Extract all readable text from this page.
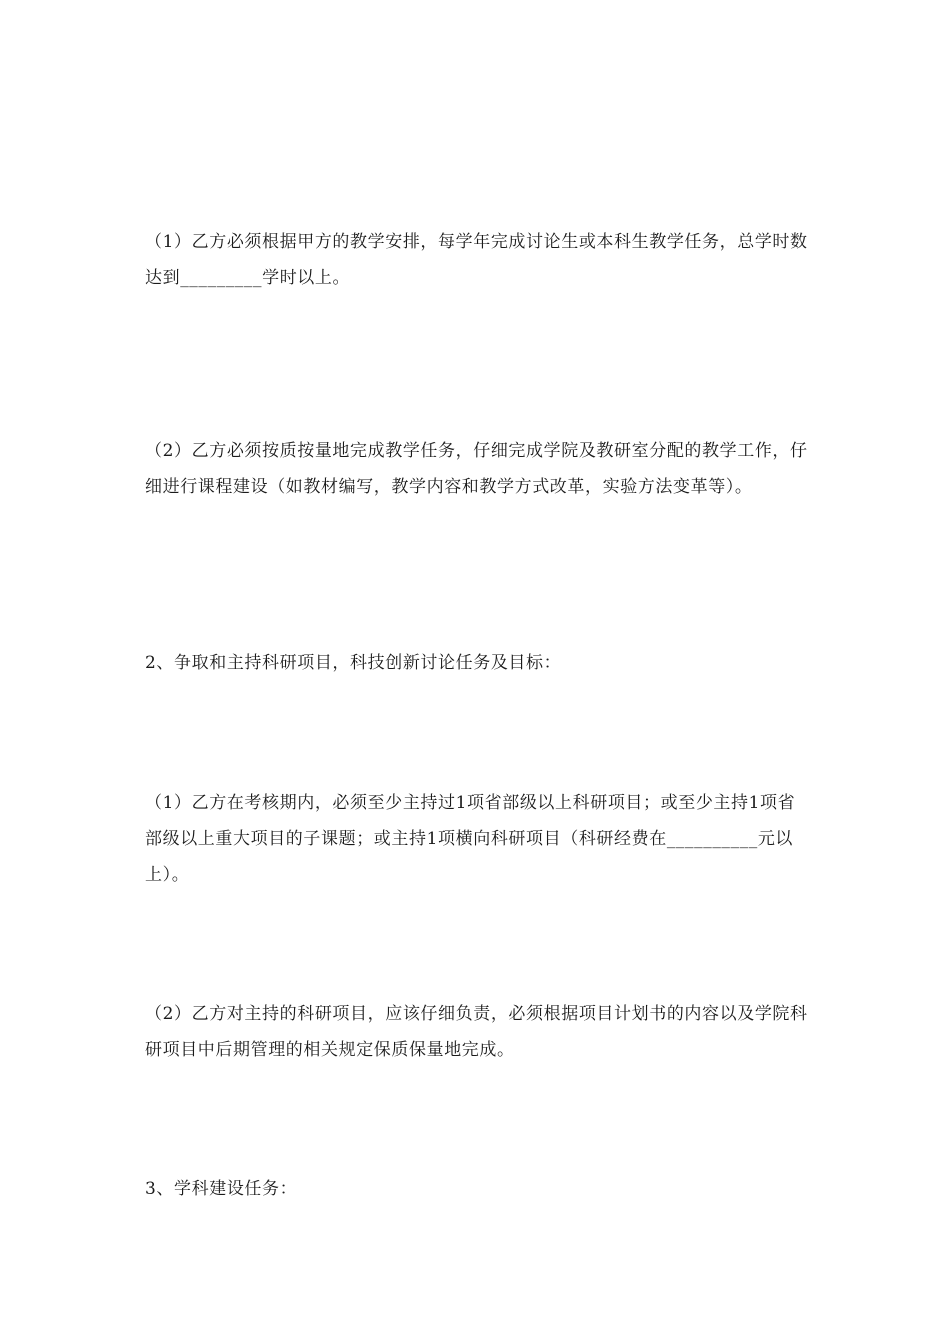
（1）乙方必须根据甲方的教学安排，每学年完成讨论生或本科生教学任务，总学时数达到_________学时以上。

（2）乙方必须按质按量地完成教学任务，仔细完成学院及教研室分配的教学工作，仔细进行课程建设（如教材编写，教学内容和教学方式改革，实验方法变革等）。

2、争取和主持科研项目，科技创新讨论任务及目标：

（1）乙方在考核期内，必须至少主持过1项省部级以上科研项目；或至少主持1项省部级以上重大项目的子课题；或主持1项横向科研项目（科研经费在__________元以上）。

（2）乙方对主持的科研项目，应该仔细负责，必须根据项目计划书的内容以及学院科研项目中后期管理的相关规定保质保量地完成。

3、学科建设任务：
